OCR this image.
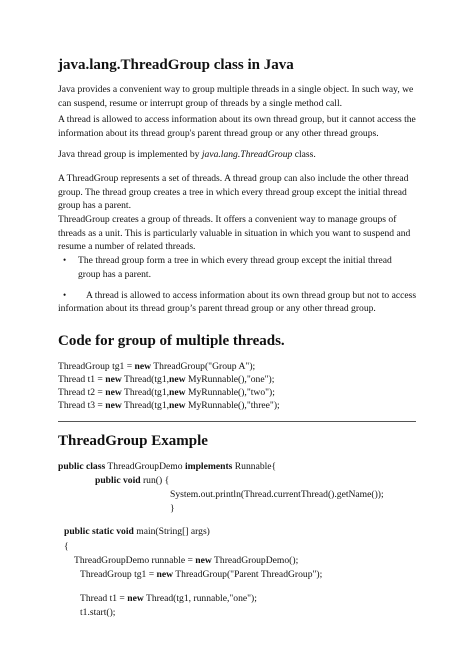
java.lang.ThreadGroup class in Java
Java provides a convenient way to group multiple threads in a single object. In such way, we
can suspend, resume or interrupt group of threads by a single method call.
A thread is allowed to access information about its own thread group, but it cannot access the
information about its thread group's parent thread group or any other thread groups.
Java thread group is implemented by java.lang.ThreadGroup class.
A ThreadGroup represents a set of threads. A thread group can also include the other thread
group. The thread group creates a tree in which every thread group except the initial thread
group has a parent.
ThreadGroup creates a group of threads. It offers a convenient way to manage groups of
threads as a unit. This is particularly valuable in situation in which you want to suspend and
resume a number of related threads.
• The thread group form a tree in which every thread group except the initial thread
group has a parent.
• A thread is allowed to access information about its own thread group but not to access
information about its thread group’s parent thread group or any other thread group.
Code for group of multiple threads.
ThreadGroup tg1 = new ThreadGroup("Group A");
Thread t1 = new Thread(tg1,new MyRunnable(),"one");
Thread t2 = new Thread(tg1,new MyRunnable(),"two");
Thread t3 = new Thread(tg1,new MyRunnable(),"three");
ThreadGroup Example
public class ThreadGroupDemo implements Runnable{
public void run() {
System.out.println(Thread.currentThread().getName());
}
public static void main(String[] args)
{
ThreadGroupDemo runnable = new ThreadGroupDemo();
ThreadGroup tg1 = new ThreadGroup("Parent ThreadGroup");
Thread t1 = new Thread(tg1, runnable,"one");
t1.start();
